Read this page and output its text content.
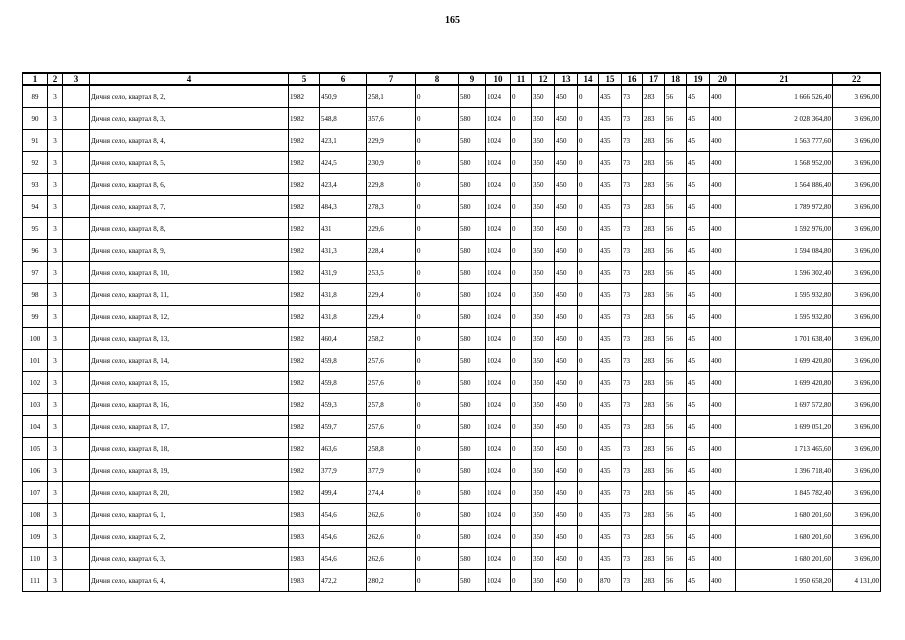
165
1	2	3	4	5	6	7	8	9	10	11	12	13	14	15	16	17	18	19	20	21	22
89	3		Дичня село, квартал 8, 2,	1982	450,9	258,1	0	580	1024	0	350	450	0	435	73	283	56	45	400	1 666 526,40	3 696,00
90	3		Дичня село, квартал 8, 3,	1982	548,8	357,6	0	580	1024	0	350	450	0	435	73	283	56	45	400	2 028 364,80	3 696,00
91	3		Дичня село, квартал 8, 4,	1982	423,1	229,9	0	580	1024	0	350	450	0	435	73	283	56	45	400	1 563 777,60	3 696,00
92	3		Дичня село, квартал 8, 5,	1982	424,5	230,9	0	580	1024	0	350	450	0	435	73	283	56	45	400	1 568 952,00	3 696,00
93	3		Дичня село, квартал 8, 6,	1982	423,4	229,8	0	580	1024	0	350	450	0	435	73	283	56	45	400	1 564 886,40	3 696,00
94	3		Дичня село, квартал 8, 7,	1982	484,3	278,3	0	580	1024	0	350	450	0	435	73	283	56	45	400	1 789 972,80	3 696,00
95	3		Дичня село, квартал 8, 8,	1982	431	229,6	0	580	1024	0	350	450	0	435	73	283	56	45	400	1 592 976,00	3 696,00
96	3		Дичня село, квартал 8, 9,	1982	431,3	228,4	0	580	1024	0	350	450	0	435	73	283	56	45	400	1 594 084,80	3 696,00
97	3		Дичня село, квартал 8, 10,	1982	431,9	253,5	0	580	1024	0	350	450	0	435	73	283	56	45	400	1 596 302,40	3 696,00
98	3		Дичня село, квартал 8, 11,	1982	431,8	229,4	0	580	1024	0	350	450	0	435	73	283	56	45	400	1 595 932,80	3 696,00
99	3		Дичня село, квартал 8, 12,	1982	431,8	229,4	0	580	1024	0	350	450	0	435	73	283	56	45	400	1 595 932,80	3 696,00
100	3		Дичня село, квартал 8, 13,	1982	460,4	258,2	0	580	1024	0	350	450	0	435	73	283	56	45	400	1 701 638,40	3 696,00
101	3		Дичня село, квартал 8, 14,	1982	459,8	257,6	0	580	1024	0	350	450	0	435	73	283	56	45	400	1 699 420,80	3 696,00
102	3		Дичня село, квартал 8, 15,	1982	459,8	257,6	0	580	1024	0	350	450	0	435	73	283	56	45	400	1 699 420,80	3 696,00
103	3		Дичня село, квартал 8, 16,	1982	459,3	257,8	0	580	1024	0	350	450	0	435	73	283	56	45	400	1 697 572,80	3 696,00
104	3		Дичня село, квартал 8, 17,	1982	459,7	257,6	0	580	1024	0	350	450	0	435	73	283	56	45	400	1 699 051,20	3 696,00
105	3		Дичня село, квартал 8, 18,	1982	463,6	258,8	0	580	1024	0	350	450	0	435	73	283	56	45	400	1 713 465,60	3 696,00
106	3		Дичня село, квартал 8, 19,	1982	377,9	377,9	0	580	1024	0	350	450	0	435	73	283	56	45	400	1 396 718,40	3 696,00
107	3		Дичня село, квартал 8, 20,	1982	499,4	274,4	0	580	1024	0	350	450	0	435	73	283	56	45	400	1 845 782,40	3 696,00
108	3		Дичня село, квартал 6, 1,	1983	454,6	262,6	0	580	1024	0	350	450	0	435	73	283	56	45	400	1 680 201,60	3 696,00
109	3		Дичня село, квартал 6, 2,	1983	454,6	262,6	0	580	1024	0	350	450	0	435	73	283	56	45	400	1 680 201,60	3 696,00
110	3		Дичня село, квартал 6, 3,	1983	454,6	262,6	0	580	1024	0	350	450	0	435	73	283	56	45	400	1 680 201,60	3 696,00
111	3		Дичня село, квартал 6, 4,	1983	472,2	280,2	0	580	1024	0	350	450	0	870	73	283	56	45	400	1 950 658,20	4 131,00
